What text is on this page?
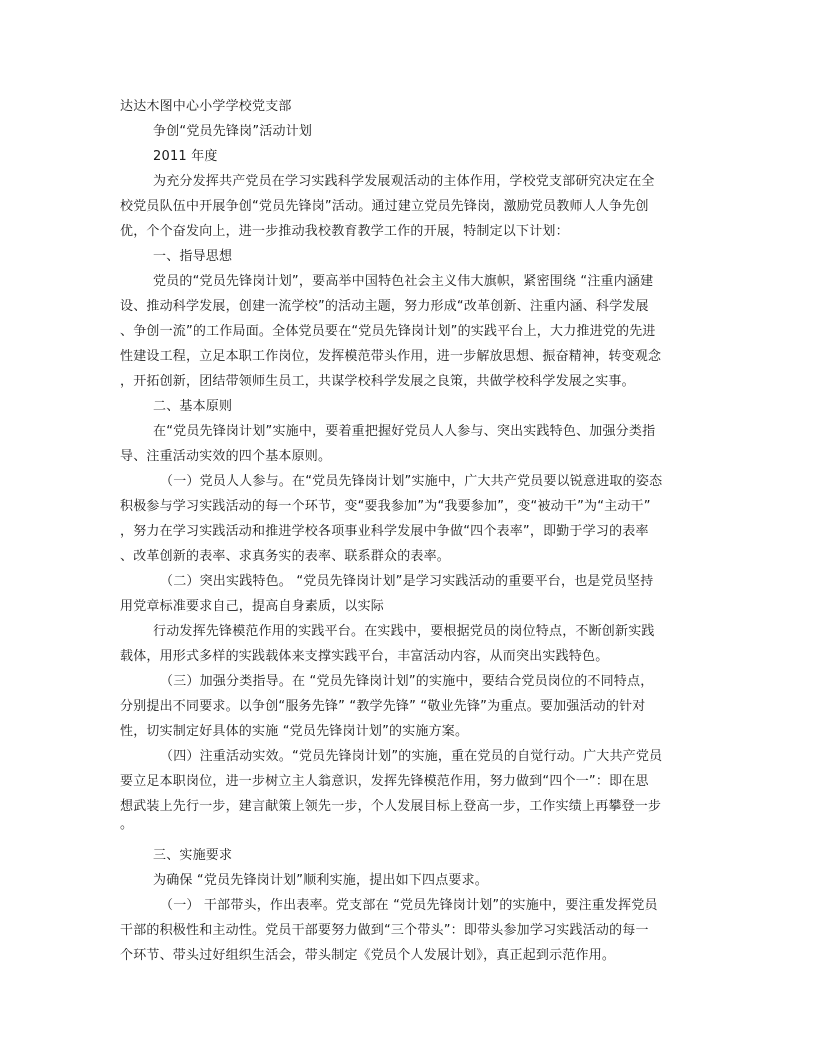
达达木图中心小学学校党支部
争创“党员先锋岗”活动计划
2011 年度
为充分发挥共产党员在学习实践科学发展观活动的主体作用，学校党支部研究决定在全
校党员队伍中开展争创“党员先锋岗”活动。通过建立党员先锋岗，激励党员教师人人争先创
优，个个奋发向上，进一步推动我校教育教学工作的开展，特制定以下计划：
一、指导思想
党员的“党员先锋岗计划”，要高举中国特色社会主义伟大旗帜，紧密围绕 “注重内涵建
设、推动科学发展，创建一流学校”的活动主题，努力形成“改革创新、注重内涵、科学发展
、争创一流”的工作局面。全体党员要在“党员先锋岗计划”的实践平台上，大力推进党的先进
性建设工程，立足本职工作岗位，发挥模范带头作用，进一步解放思想、振奋精神，转变观念
，开拓创新，团结带领师生员工，共谋学校科学发展之良策，共做学校科学发展之实事。
二、基本原则
在“党员先锋岗计划”实施中，要着重把握好党员人人参与、突出实践特色、加强分类指
导、注重活动实效的四个基本原则。
（一）党员人人参与。在“党员先锋岗计划”实施中，广大共产党员要以锐意进取的姿态
积极参与学习实践活动的每一个环节，变“要我参加”为“我要参加”，变“被动干”为“主动干”
，努力在学习实践活动和推进学校各项事业科学发展中争做“四个表率”，即勤于学习的表率
、改革创新的表率、求真务实的表率、联系群众的表率。
（二）突出实践特色。 “党员先锋岗计划”是学习实践活动的重要平台，也是党员坚持
用党章标准要求自己，提高自身素质，以实际
行动发挥先锋模范作用的实践平台。在实践中，要根据党员的岗位特点，不断创新实践
载体，用形式多样的实践载体来支撑实践平台，丰富活动内容，从而突出实践特色。
（三）加强分类指导。在 “党员先锋岗计划”的实施中，要结合党员岗位的不同特点，
分别提出不同要求。以争创“服务先锋” “教学先锋” “敬业先锋”为重点。要加强活动的针对
性，切实制定好具体的实施 “党员先锋岗计划”的实施方案。
（四）注重活动实效。“党员先锋岗计划”的实施，重在党员的自觉行动。广大共产党员
要立足本职岗位，进一步树立主人翁意识，发挥先锋模范作用，努力做到“四个一”：即在思
想武装上先行一步，建言献策上领先一步，个人发展目标上登高一步，工作实绩上再攀登一步
。
三、实施要求
为确保 “党员先锋岗计划”顺利实施，提出如下四点要求。
（一） 干部带头，作出表率。党支部在 “党员先锋岗计划”的实施中，要注重发挥党员
干部的积极性和主动性。党员干部要努力做到“三个带头”：即带头参加学习实践活动的每一
个环节、带头过好组织生活会，带头制定《党员个人发展计划》，真正起到示范作用。
